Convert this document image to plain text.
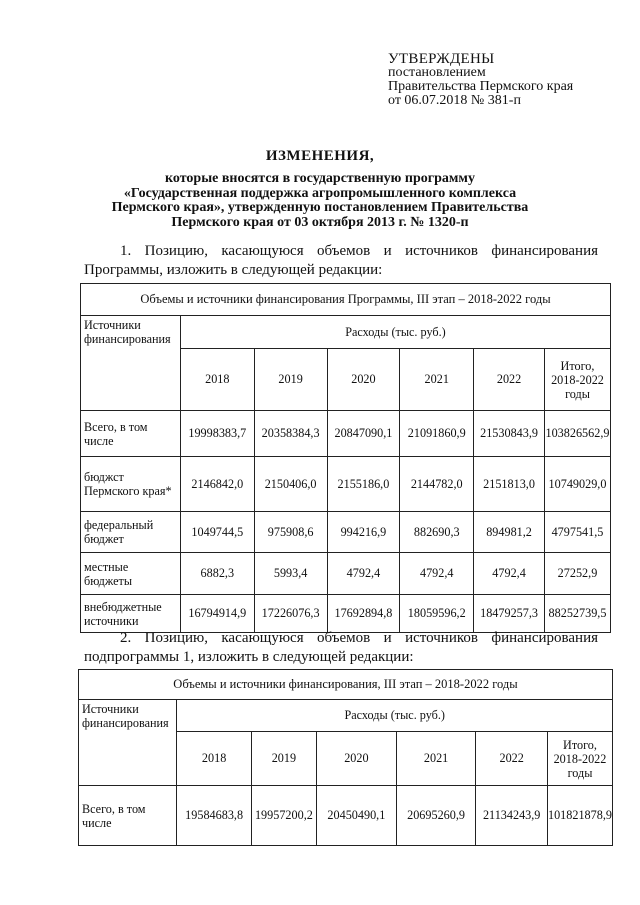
УТВЕРЖДЕНЫ
постановлением
Правительства Пермского края
от 06.07.2018 № 381-п
ИЗМЕНЕНИЯ,
которые вносятся в государственную программу
«Государственная поддержка агропромышленного комплекса
Пермского края», утвержденную постановлением Правительства
Пермского края от 03 октября 2013 г. № 1320-п
1. Позицию, касающуюся объемов и источников финансирования Программы, изложить в следующей редакции:
Объемы и источники финансирования Программы, III этап – 2018-2022 годы						
Источники финансирования	Расходы (тыс. руб.)					
	2018	2019	2020	2021	2022	Итого, 2018-2022 годы
Всего, в том числе	19998383,7	20358384,3	20847090,1	21091860,9	21530843,9	103826562,9
бюджст Пермского края*	2146842,0	2150406,0	2155186,0	2144782,0	2151813,0	10749029,0
федеральный бюджет	1049744,5	975908,6	994216,9	882690,3	894981,2	4797541,5
местные бюджеты	6882,3	5993,4	4792,4	4792,4	4792,4	27252,9
внебюджетные источники	16794914,9	17226076,3	17692894,8	18059596,2	18479257,3	88252739,5
2. Позицию, касающуюся объемов и источников финансирования подпрограммы 1, изложить в следующей редакции:
Объемы и источники финансирования, III этап – 2018-2022 годы						
Источники финансирования	Расходы (тыс. руб.)					
	2018	2019	2020	2021	2022	Итого, 2018-2022 годы
Всего, в том числе	19584683,8	19957200,2	20450490,1	20695260,9	21134243,9	101821878,9
